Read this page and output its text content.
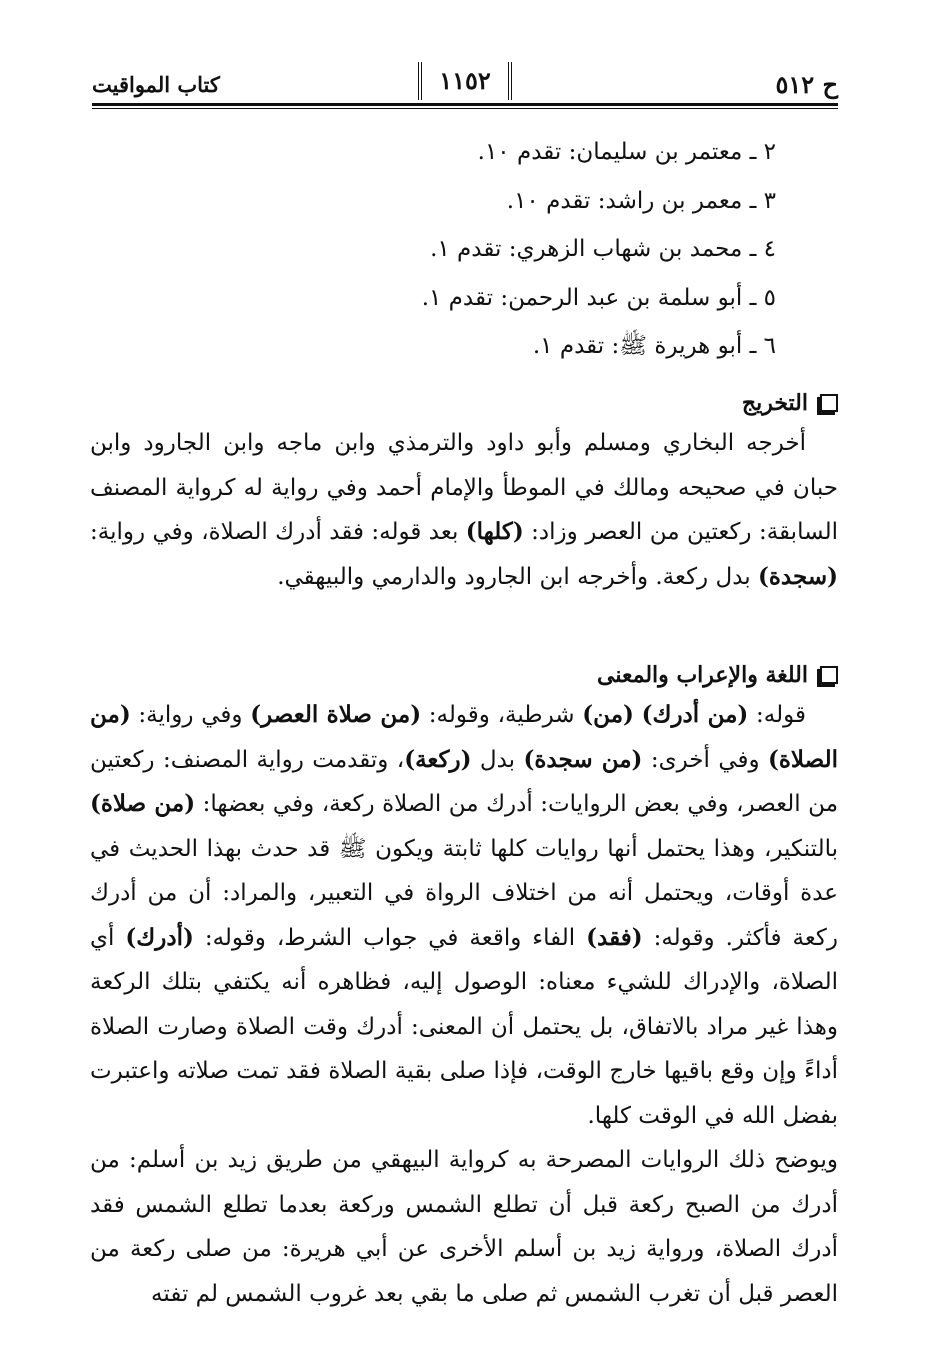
ح ٥١٢
١١٥٢
كتاب المواقيت
٢ ـ معتمر بن سليمان: تقدم ١٠.
٣ ـ معمر بن راشد: تقدم ١٠.
٤ ـ محمد بن شهاب الزهري: تقدم ١.
٥ ـ أبو سلمة بن عبد الرحمن: تقدم ١.
٦ ـ أبو هريرة ﷺ: تقدم ١.
التخريج

أخرجه البخاري ومسلم وأبو داود والترمذي وابن ماجه وابن الجارود وابن حبان في صحيحه ومالك في الموطأ والإمام أحمد وفي رواية له كرواية المصنف السابقة: ركعتين من العصر وزاد: (كلها) بعد قوله: فقد أدرك الصلاة، وفي رواية: (سجدة) بدل ركعة. وأخرجه ابن الجارود والدارمي والبيهقي.

اللغة والإعراب والمعنى

قوله: (من أدرك) (من) شرطية، وقوله: (من صلاة العصر) وفي رواية: (من الصلاة) وفي أخرى: (من سجدة) بدل (ركعة)، وتقدمت رواية المصنف: ركعتين من العصر، وفي بعض الروايات: أدرك من الصلاة ركعة، وفي بعضها: (من صلاة) بالتنكير، وهذا يحتمل أنها روايات كلها ثابتة ويكون ﷺ قد حدث بهذا الحديث في عدة أوقات، ويحتمل أنه من اختلاف الرواة في التعبير، والمراد: أن من أدرك ركعة فأكثر. وقوله: (فقد) الفاء واقعة في جواب الشرط، وقوله: (أدرك) أي الصلاة، والإدراك للشيء معناه: الوصول إليه، فظاهره أنه يكتفي بتلك الركعة وهذا غير مراد بالاتفاق، بل يحتمل أن المعنى: أدرك وقت الصلاة وصارت الصلاة أداءً وإن وقع باقيها خارج الوقت، فإذا صلى بقية الصلاة فقد تمت صلاته واعتبرت بفضل الله في الوقت كلها.

ويوضح ذلك الروايات المصرحة به كرواية البيهقي من طريق زيد بن أسلم: من أدرك من الصبح ركعة قبل أن تطلع الشمس وركعة بعدما تطلع الشمس فقد أدرك الصلاة، ورواية زيد بن أسلم الأخرى عن أبي هريرة: من صلى ركعة من العصر قبل أن تغرب الشمس ثم صلى ما بقي بعد غروب الشمس لم تفته
